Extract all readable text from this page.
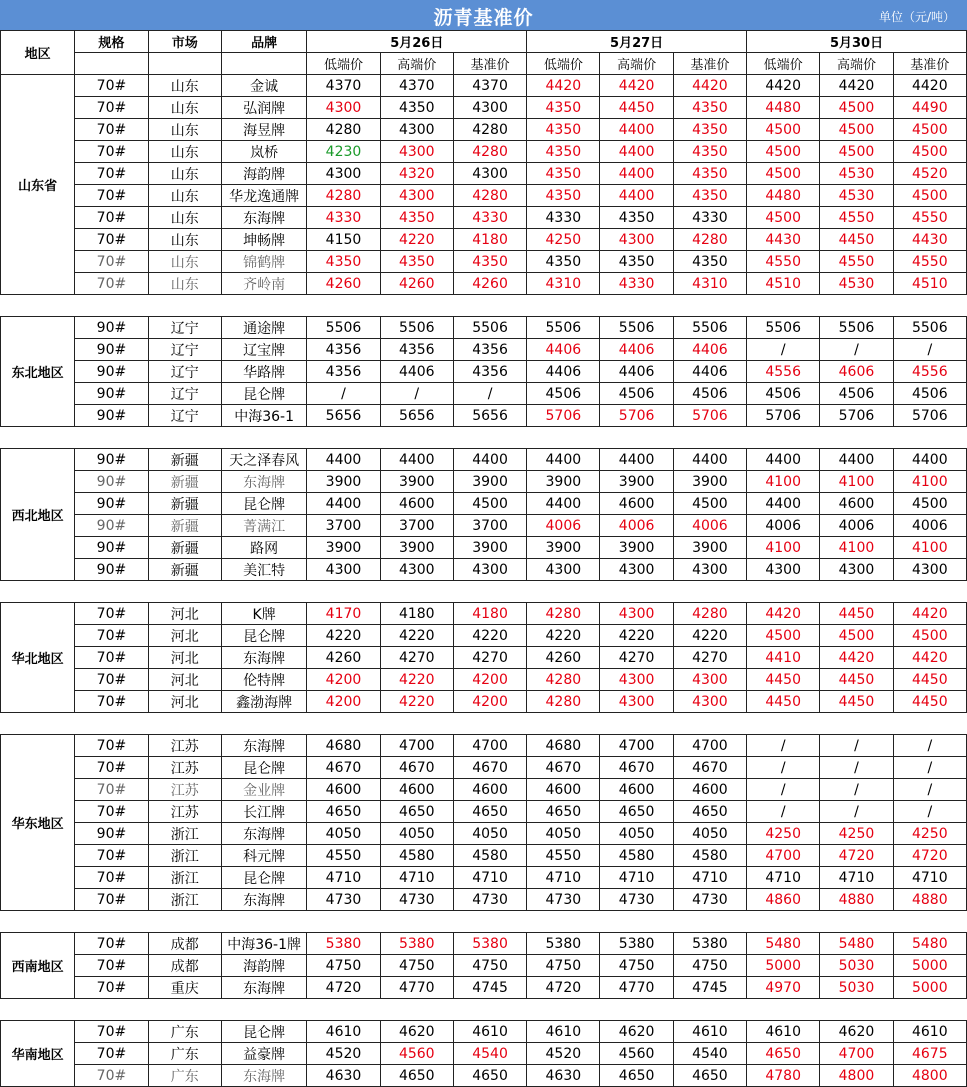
沥青基准价	单位（元/吨）
地区	规格	市场	品牌	5月26日			5月27日			5月30日		
				低端价	高端价	基准价	低端价	高端价	基准价	低端价	高端价	基准价
山东省	70#	山东	金诚	4370	4370	4370	4420	4420	4420	4420	4420	4420
	70#	山东	弘润牌	4300	4350	4300	4350	4450	4350	4480	4500	4490
	70#	山东	海昱牌	4280	4300	4280	4350	4400	4350	4500	4500	4500
	70#	山东	岚桥	4230	4300	4280	4350	4400	4350	4500	4500	4500
	70#	山东	海韵牌	4300	4320	4300	4350	4400	4350	4500	4530	4520
	70#	山东	华龙逸通牌	4280	4300	4280	4350	4400	4350	4480	4530	4500
	70#	山东	东海牌	4330	4350	4330	4330	4350	4330	4500	4550	4550
	70#	山东	坤畅牌	4150	4220	4180	4250	4300	4280	4430	4450	4430
	70#	山东	锦鹤牌	4350	4350	4350	4350	4350	4350	4550	4550	4550
	70#	山东	齐岭南	4260	4260	4260	4310	4330	4310	4510	4530	4510

东北地区	90#	辽宁	通途牌	5506	5506	5506	5506	5506	5506	5506	5506	5506
	90#	辽宁	辽宝牌	4356	4356	4356	4406	4406	4406	/	/	/
	90#	辽宁	华路牌	4356	4406	4356	4406	4406	4406	4556	4606	4556
	90#	辽宁	昆仑牌	/	/	/	4506	4506	4506	4506	4506	4506
	90#	辽宁	中海36-1	5656	5656	5656	5706	5706	5706	5706	5706	5706

西北地区	90#	新疆	天之泽春风	4400	4400	4400	4400	4400	4400	4400	4400	4400
	90#	新疆	东海牌	3900	3900	3900	3900	3900	3900	4100	4100	4100
	90#	新疆	昆仑牌	4400	4600	4500	4400	4600	4500	4400	4600	4500
	90#	新疆	菁满江	3700	3700	3700	4006	4006	4006	4006	4006	4006
	90#	新疆	路网	3900	3900	3900	3900	3900	3900	4100	4100	4100
	90#	新疆	美汇特	4300	4300	4300	4300	4300	4300	4300	4300	4300

华北地区	70#	河北	K牌	4170	4180	4180	4280	4300	4280	4420	4450	4420
	70#	河北	昆仑牌	4220	4220	4220	4220	4220	4220	4500	4500	4500
	70#	河北	东海牌	4260	4270	4270	4260	4270	4270	4410	4420	4420
	70#	河北	伦特牌	4200	4220	4200	4280	4300	4300	4450	4450	4450
	70#	河北	鑫渤海牌	4200	4220	4200	4280	4300	4300	4450	4450	4450

华东地区	70#	江苏	东海牌	4680	4700	4700	4680	4700	4700	/	/	/
	70#	江苏	昆仑牌	4670	4670	4670	4670	4670	4670	/	/	/
	70#	江苏	金业牌	4600	4600	4600	4600	4600	4600	/	/	/
	70#	江苏	长江牌	4650	4650	4650	4650	4650	4650	/	/	/
	90#	浙江	东海牌	4050	4050	4050	4050	4050	4050	4250	4250	4250
	70#	浙江	科元牌	4550	4580	4580	4550	4580	4580	4700	4720	4720
	70#	浙江	昆仑牌	4710	4710	4710	4710	4710	4710	4710	4710	4710
	70#	浙江	东海牌	4730	4730	4730	4730	4730	4730	4860	4880	4880

西南地区	70#	成都	中海36-1牌	5380	5380	5380	5380	5380	5380	5480	5480	5480
	70#	成都	海韵牌	4750	4750	4750	4750	4750	4750	5000	5030	5000
	70#	重庆	东海牌	4720	4770	4745	4720	4770	4745	4970	5030	5000

华南地区	70#	广东	昆仑牌	4610	4620	4610	4610	4620	4610	4610	4620	4610
	70#	广东	益豪牌	4520	4560	4540	4520	4560	4540	4650	4700	4675
	70#	广东	东海牌	4630	4650	4650	4630	4650	4650	4780	4800	4800
